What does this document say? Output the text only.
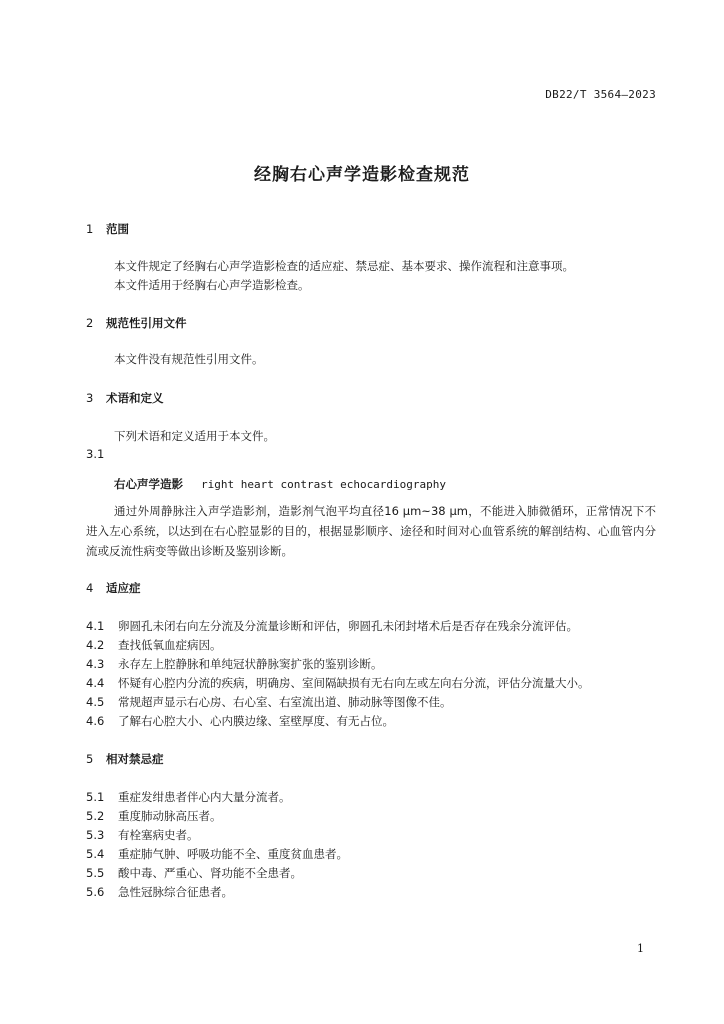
DB22/T 3564—2023
经胸右心声学造影检查规范
1 范围
本文件规定了经胸右心声学造影检查的适应症、禁忌症、基本要求、操作流程和注意事项。
本文件适用于经胸右心声学造影检查。
2 规范性引用文件
本文件没有规范性引用文件。
3 术语和定义
下列术语和定义适用于本文件。
3.1
右心声学造影 right heart contrast echocardiography
通过外周静脉注入声学造影剂，造影剂气泡平均直径16 μm~38 μm，不能进入肺微循环，正常情况下不进入左心系统，以达到在右心腔显影的目的，根据显影顺序、途径和时间对心血管系统的解剖结构、心血管内分流或反流性病变等做出诊断及鉴别诊断。
4 适应症
4.1 卵圆孔未闭右向左分流及分流量诊断和评估，卵圆孔未闭封堵术后是否存在残余分流评估。
4.2 查找低氧血症病因。
4.3 永存左上腔静脉和单纯冠状静脉窦扩张的鉴别诊断。
4.4 怀疑有心腔内分流的疾病，明确房、室间隔缺损有无右向左或左向右分流，评估分流量大小。
4.5 常规超声显示右心房、右心室、右室流出道、肺动脉等图像不佳。
4.6 了解右心腔大小、心内膜边缘、室壁厚度、有无占位。
5 相对禁忌症
5.1 重症发绀患者伴心内大量分流者。
5.2 重度肺动脉高压者。
5.3 有栓塞病史者。
5.4 重症肺气肿、呼吸功能不全、重度贫血患者。
5.5 酸中毒、严重心、肾功能不全患者。
5.6 急性冠脉综合征患者。
1
